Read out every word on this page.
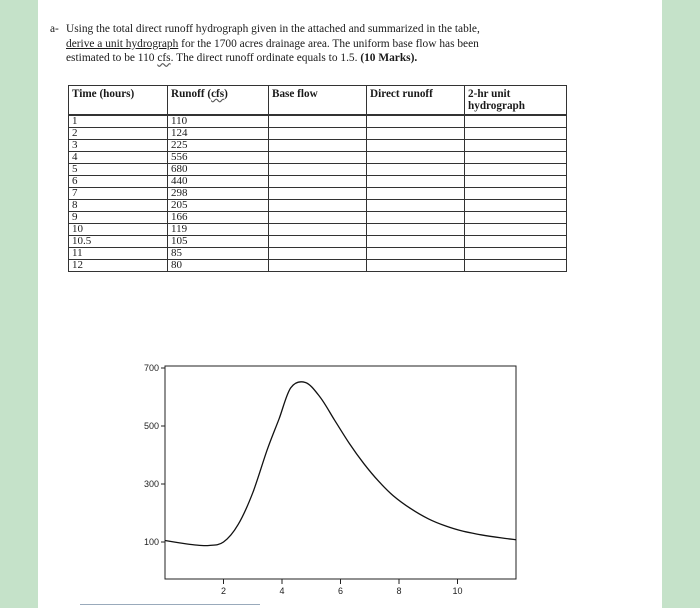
a- Using the total direct runoff hydrograph given in the attached and summarized in the table,
derive a unit hydrograph for the 1700 acres drainage area. The uniform base flow has been
estimated to be 110 cfs. The direct runoff ordinate equals to 1.5. (10 Marks).
Time (hours)	Runoff (cfs)	Base flow	Direct runoff	2-hr unit hydrograph
1	110			
2	124			
3	225			
4	556			
5	680			
6	440			
7	298			
8	205			
9	166			
10	119			
10.5	105			
11	85			
12	80			
700
500
300
100
2	4	6	8	10
